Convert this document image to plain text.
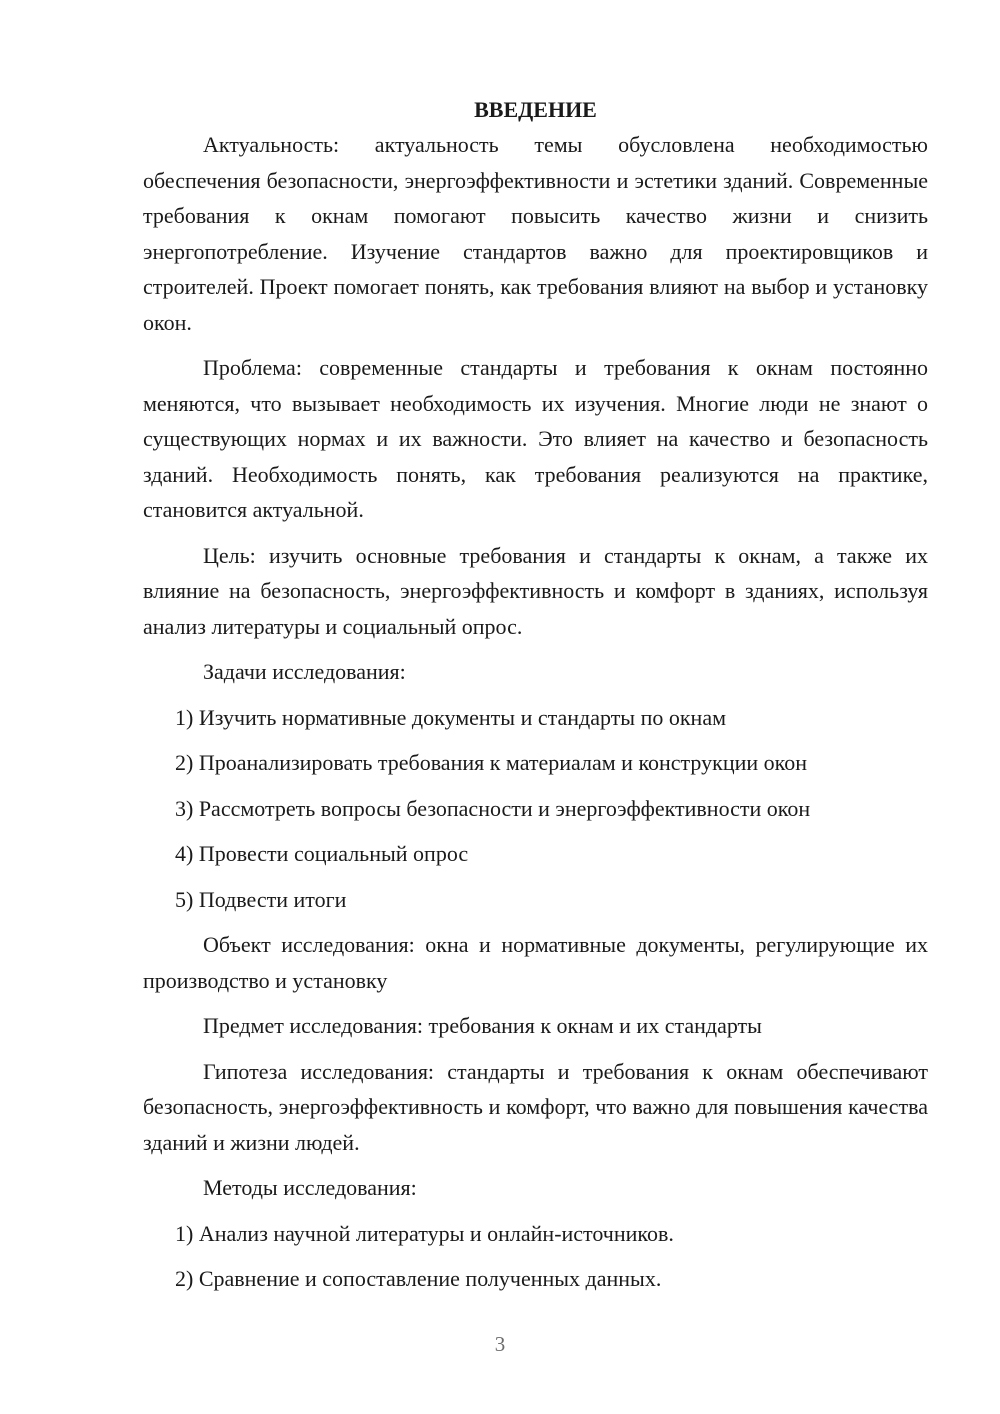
ВВЕДЕНИЕ

Актуальность: актуальность темы обусловлена необходимостью обеспечения безопасности, энергоэффективности и эстетики зданий. Современные требования к окнам помогают повысить качество жизни и снизить энергопотребление. Изучение стандартов важно для проектировщиков и строителей. Проект помогает понять, как требования влияют на выбор и установку окон.

Проблема: современные стандарты и требования к окнам постоянно меняются, что вызывает необходимость их изучения. Многие люди не знают о существующих нормах и их важности. Это влияет на качество и безопасность зданий. Необходимость понять, как требования реализуются на практике, становится актуальной.

Цель: изучить основные требования и стандарты к окнам, а также их влияние на безопасность, энергоэффективность и комфорт в зданиях, используя анализ литературы и социальный опрос.

Задачи исследования:

1) Изучить нормативные документы и стандарты по окнам

2) Проанализировать требования к материалам и конструкции окон

3) Рассмотреть вопросы безопасности и энергоэффективности окон

4) Провести социальный опрос

5) Подвести итоги

Объект исследования: окна и нормативные документы, регулирующие их производство и установку

Предмет исследования: требования к окнам и их стандарты

Гипотеза исследования: стандарты и требования к окнам обеспечивают безопасность, энергоэффективность и комфорт, что важно для повышения качества зданий и жизни людей.

Методы исследования:

1) Анализ научной литературы и онлайн-источников.

2) Сравнение и сопоставление полученных данных.

3
